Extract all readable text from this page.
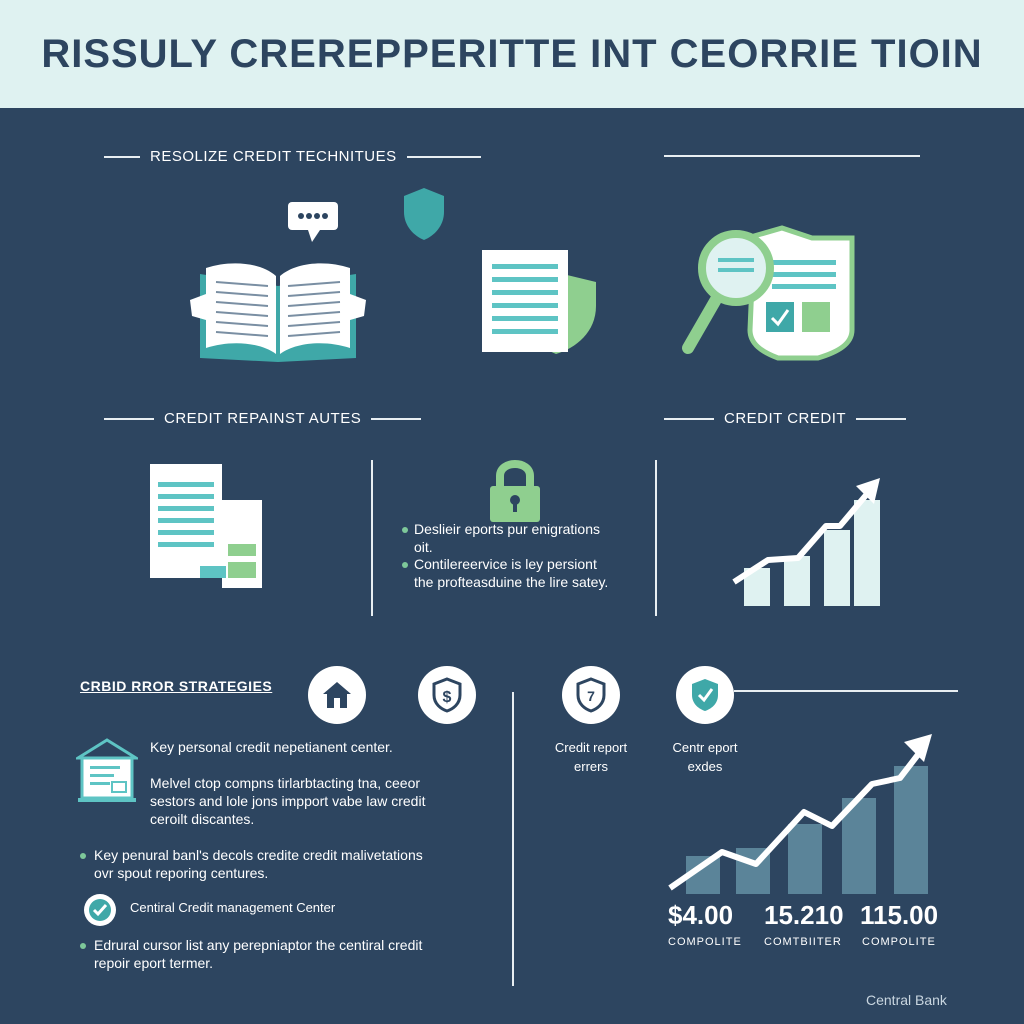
RISSULY CREREPPERITTE INT CEORRIE TIOIN
RESOLIZE CREDIT TECHNITUES
CREDIT REPAINST AUTES	CREDIT CREDIT
Deslieir eports pur enigrations
oit.
Contilereervice is ley persiont
the profteasduine the lire satey.
CRBID RROR STRATEGIES
$	7
Credit report
errers
Centr eport
exdes
Key personal credit nepetianent center.
Melvel ctop compns tirlarbtacting tna, ceeor
sestors and lole jons impport vabe law credit
ceroilt discantes.
Key penural banl's decols credite credit malivetations
ovr spout reporing centures.
Centiral Credit management Center
Edrural cursor list any perepniaptor the centiral credit
repoir eport termer.
$4.00
COMPOLITE
15.210
COMTBIITER
115.00
COMPOLITE
Central Bank
